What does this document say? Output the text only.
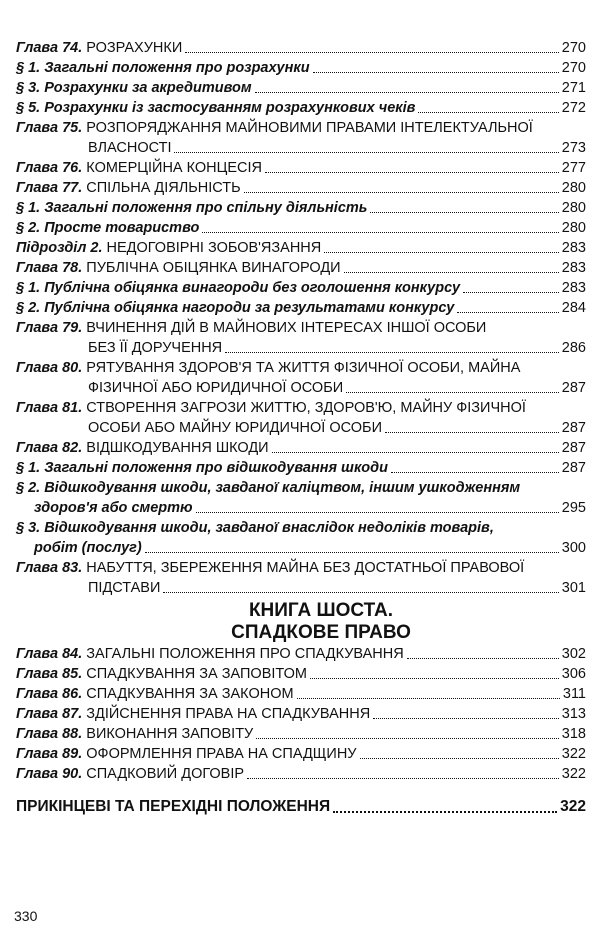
Глава 74. РОЗРАХУНКИ	270
§ 1. Загальні положення про розрахунки	270
§ 3. Розрахунки за акредитивом	271
§ 5. Розрахунки із застосуванням розрахункових чеків	272
Глава 75. РОЗПОРЯДЖАННЯ МАЙНОВИМИ ПРАВАМИ ІНТЕЛЕКТУАЛЬНОЇ
ВЛАСНОСТІ	273
Глава 76. КОМЕРЦІЙНА КОНЦЕСІЯ	277
Глава 77. СПІЛЬНА ДІЯЛЬНІСТЬ	280
§ 1. Загальні положення про спільну діяльність	280
§ 2. Просте товариство	280
Підрозділ 2. НЕДОГОВІРНІ ЗОБОВ'ЯЗАННЯ	283
Глава 78. ПУБЛІЧНА ОБІЦЯНКА ВИНАГОРОДИ	283
§ 1. Публічна обіцянка винагороди без оголошення конкурсу	283
§ 2. Публічна обіцянка нагороди за результатами конкурсу	284
Глава 79. ВЧИНЕННЯ ДІЙ В МАЙНОВИХ ІНТЕРЕСАХ ІНШОЇ ОСОБИ
БЕЗ ЇЇ ДОРУЧЕННЯ	286
Глава 80. РЯТУВАННЯ ЗДОРОВ'Я ТА ЖИТТЯ ФІЗИЧНОЇ ОСОБИ, МАЙНА
ФІЗИЧНОЇ АБО ЮРИДИЧНОЇ ОСОБИ	287
Глава 81. СТВОРЕННЯ ЗАГРОЗИ ЖИТТЮ, ЗДОРОВ'Ю, МАЙНУ ФІЗИЧНОЇ
ОСОБИ АБО МАЙНУ ЮРИДИЧНОЇ ОСОБИ	287
Глава 82. ВІДШКОДУВАННЯ ШКОДИ	287
§ 1. Загальні положення про відшкодування шкоди	287
§ 2. Відшкодування шкоди, завданої каліцтвом, іншим ушкодженням
здоров'я або смертю	295
§ 3. Відшкодування шкоди, завданої внаслідок недоліків товарів,
робіт (послуг)	300
Глава 83. НАБУТТЯ, ЗБЕРЕЖЕННЯ МАЙНА БЕЗ ДОСТАТНЬОЇ ПРАВОВОЇ
ПІДСТАВИ	301
КНИГА ШОСТА.
СПАДКОВЕ ПРАВО
Глава 84. ЗАГАЛЬНІ ПОЛОЖЕННЯ ПРО СПАДКУВАННЯ	302
Глава 85. СПАДКУВАННЯ ЗА ЗАПОВІТОМ	306
Глава 86. СПАДКУВАННЯ ЗА ЗАКОНОМ	311
Глава 87. ЗДІЙСНЕННЯ ПРАВА НА СПАДКУВАННЯ	313
Глава 88. ВИКОНАННЯ ЗАПОВІТУ	318
Глава 89. ОФОРМЛЕННЯ ПРАВА НА СПАДЩИНУ	322
Глава 90. СПАДКОВИЙ ДОГОВІР	322
ПРИКІНЦЕВІ ТА ПЕРЕХІДНІ ПОЛОЖЕННЯ	322
330
